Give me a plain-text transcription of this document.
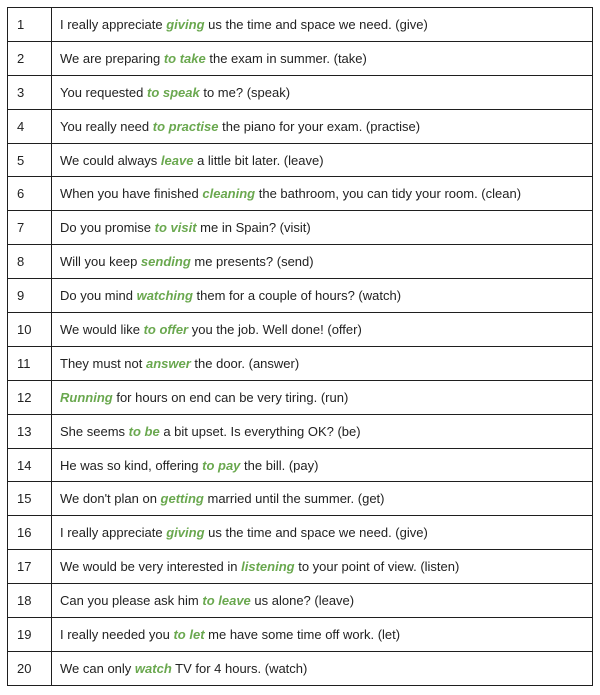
1	I really appreciate giving us the time and space we need. (give)
2	We are preparing to take the exam in summer. (take)
3	You requested to speak to me? (speak)
4	You really need to practise the piano for your exam. (practise)
5	We could always leave a little bit later. (leave)
6	When you have finished cleaning the bathroom, you can tidy your room. (clean)
7	Do you promise to visit me in Spain? (visit)
8	Will you keep sending me presents? (send)
9	Do you mind watching them for a couple of hours? (watch)
10	We would like to offer you the job. Well done! (offer)
11	They must not answer the door. (answer)
12	Running for hours on end can be very tiring. (run)
13	She seems to be a bit upset. Is everything OK? (be)
14	He was so kind, offering to pay the bill. (pay)
15	We don't plan on getting married until the summer. (get)
16	I really appreciate giving us the time and space we need. (give)
17	We would be very interested in listening to your point of view. (listen)
18	Can you please ask him to leave us alone? (leave)
19	I really needed you to let me have some time off work. (let)
20	We can only watch TV for 4 hours. (watch)
